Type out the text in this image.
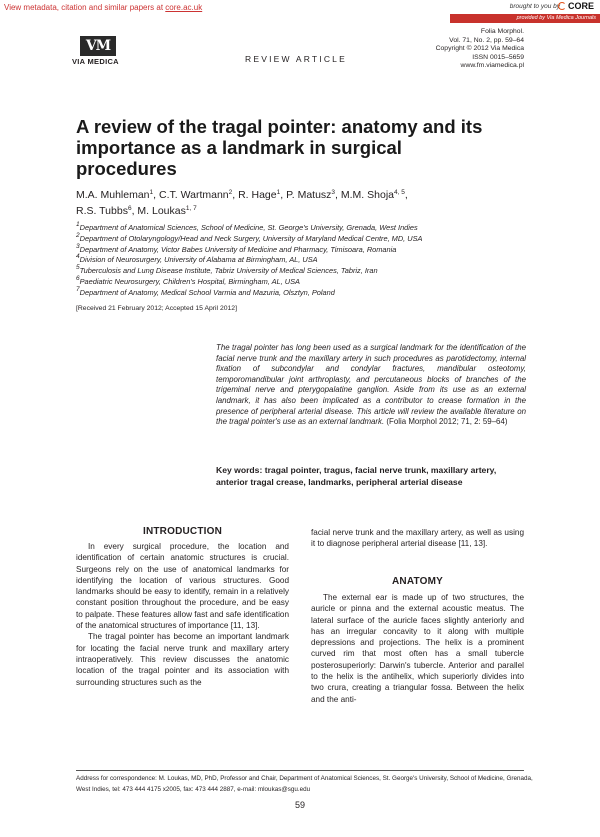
View metadata, citation and similar papers at core.ac.uk	brought to you by CORE
provided by Via Medica Journals
VM
VIA MEDICA	REVIEW ARTICLE
Folia Morphol.
Vol. 71, No. 2, pp. 59–64
Copyright © 2012 Via Medica
ISSN 0015–5659
www.fm.viamedica.pl
A review of the tragal pointer: anatomy and its importance as a landmark in surgical procedures
M.A. Muhleman$^1$, C.T. Wartmann$^2$, R. Hage$^1$, P. Matusz$^3$, M.M. Shoja$^{4, 5}$,
R.S. Tubbs$^6$, M. Loukas$^{1, 7}$
$^1$Department of Anatomical Sciences, School of Medicine, St. George's University, Grenada, West Indies
$^2$Department of Otolaryngology/Head and Neck Surgery, University of Maryland Medical Centre, MD, USA
$^3$Department of Anatomy, Victor Babes University of Medicine and Pharmacy, Timisoara, Romania
$^4$Division of Neurosurgery, University of Alabama at Birmingham, AL, USA
$^5$Tuberculosis and Lung Disease Institute, Tabriz University of Medical Sciences, Tabriz, Iran
$^6$Paediatric Neurosurgery, Children's Hospital, Birmingham, AL, USA
$^7$Department of Anatomy, Medical School Varmia and Mazuria, Olsztyn, Poland
[Received 21 February 2012; Accepted 15 April 2012]
The tragal pointer has long been used as a surgical landmark for the identification of the facial nerve trunk and the maxillary artery in such procedures as parotidectomy, internal fixation of subcondylar and condylar fractures, mandibular osteotomy, temporomandibular joint arthroplasty, and percutaneous blocks of branches of the trigeminal nerve and pterygopalatine ganglion. Aside from its use as an external landmark, it has also been implicated as a contributor to crease formation in the presence of peripheral arterial disease. This article will review the available literature on the tragal pointer's use as an external landmark. (Folia Morphol 2012; 71, 2: 59–64)
Key words: tragal pointer, tragus, facial nerve trunk, maxillary artery, anterior tragal crease, landmarks, peripheral arterial disease
INTRODUCTION

In every surgical procedure, the location and identification of certain anatomic structures is crucial. Surgeons rely on the use of anatomical landmarks for identifying the location of various structures. Good landmarks should be easy to identify, remain in a relatively constant position throughout the procedure, and be easy to palpate. These features allow fast and safe identification of the anatomical structures of importance [11, 13].

The tragal pointer has become an important landmark for locating the facial nerve trunk and maxillary artery intraoperatively. This review discusses the anatomic location of the tragal pointer and its association with surrounding structures such as the

facial nerve trunk and the maxillary artery, as well as using it to diagnose peripheral arterial disease [11, 13].

ANATOMY

The external ear is made up of two structures, the auricle or pinna and the external acoustic meatus. The lateral surface of the auricle faces slightly anteriorly and has an irregular concavity to it along with multiple depressions and projections. The helix is a prominent curved rim that most often has a small tubercle posterosuperiorly: Darwin's tubercle. Anterior and parallel to the helix is the antihelix, which superiorly divides into two crura, creating a triangular fossa. Between the helix and the anti-

Address for correspondence: M. Loukas, MD, PhD, Professor and Chair, Department of Anatomical Sciences, St. George's University, School of Medicine, Grenada, West Indies, tel: 473 444 4175 x2005, fax: 473 444 2887, e-mail: mloukas@sgu.edu
59
